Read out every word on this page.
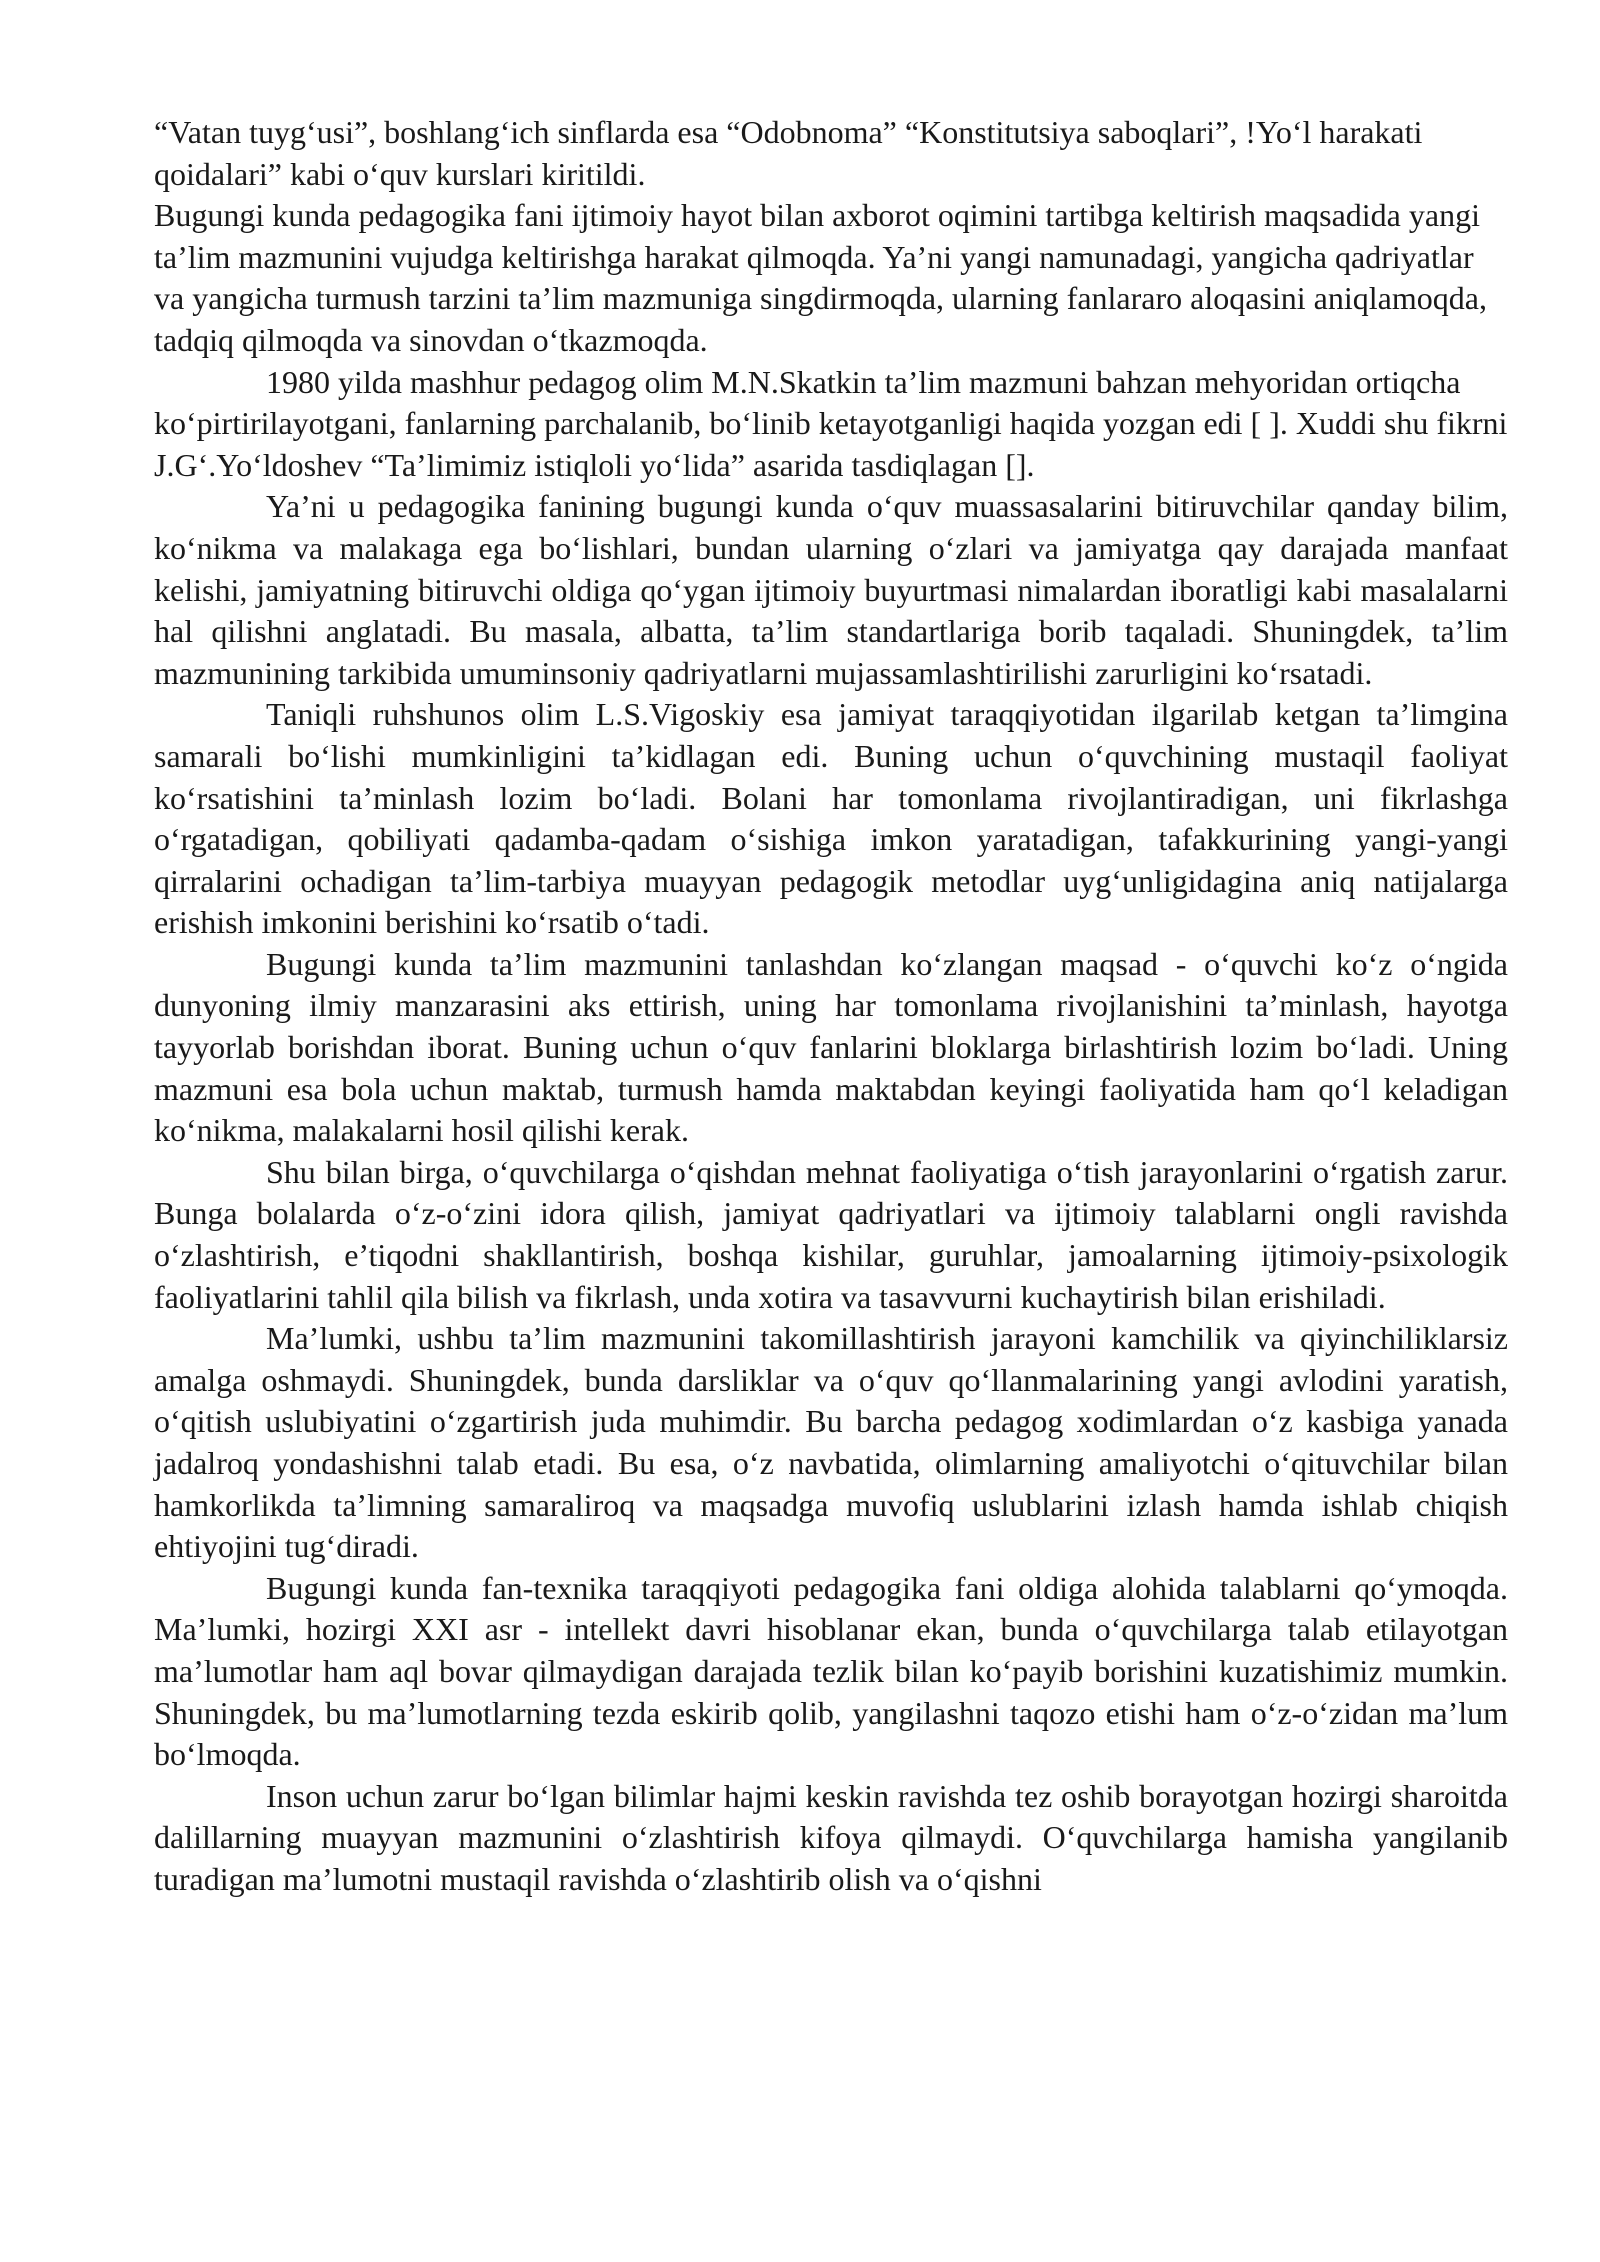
“Vatan tuyg‘usi”, boshlang‘ich sinflarda esa “Odobnoma” “Konstitutsiya saboqlari”, !Yo‘l harakati qoidalari” kabi o‘quv kurslari kiritildi.

Bugungi kunda pedagogika fani ijtimoiy hayot bilan axborot oqimini tartibga keltirish maqsadida yangi ta’lim mazmunini vujudga keltirishga harakat qilmoqda. Ya’ni yangi namunadagi, yangicha qadriyatlar va yangicha turmush tarzini ta’lim mazmuniga singdirmoqda, ularning fanlararo aloqasini aniqlamoqda, tadqiq qilmoqda va sinovdan o‘tkazmoqda.

1980 yilda mashhur pedagog olim M.N.Skatkin ta’lim mazmuni bahzan mehyoridan ortiqcha ko‘pirtirilayotgani, fanlarning parchalanib, bo‘linib ketayotganligi haqida yozgan edi [ ]. Xuddi shu fikrni J.G‘.Yo‘ldoshev “Ta’limimiz istiqloli yo‘lida” asarida tasdiqlagan [].

Ya’ni u pedagogika fanining bugungi kunda o‘quv muassasalarini bitiruvchilar qanday bilim, ko‘nikma va malakaga ega bo‘lishlari, bundan ularning o‘zlari va jamiyatga qay darajada manfaat kelishi, jamiyatning bitiruvchi oldiga qo‘ygan ijtimoiy buyurtmasi nimalardan iboratligi kabi masalalarni hal qilishni anglatadi. Bu masala, albatta, ta’lim standartlariga borib taqaladi. Shuningdek, ta’lim mazmunining tarkibida umuminsoniy qadriyatlarni mujassamlashtirilishi zarurligini ko‘rsatadi.

Taniqli ruhshunos olim L.S.Vigoskiy esa jamiyat taraqqiyotidan ilgarilab ketgan ta’limgina samarali bo‘lishi mumkinligini ta’kidlagan edi. Buning uchun o‘quvchining mustaqil faoliyat ko‘rsatishini ta’minlash lozim bo‘ladi. Bolani har tomonlama rivojlantiradigan, uni fikrlashga o‘rgatadigan, qobiliyati qadamba-qadam o‘sishiga imkon yaratadigan, tafakkurining yangi-yangi qirralarini ochadigan ta’lim-tarbiya muayyan pedagogik metodlar uyg‘unligidagina aniq natijalarga erishish imkonini berishini ko‘rsatib o‘tadi.

Bugungi kunda ta’lim mazmunini tanlashdan ko‘zlangan maqsad - o‘quvchi ko‘z o‘ngida dunyoning ilmiy manzarasini aks ettirish, uning har tomonlama rivojlanishini ta’minlash, hayotga tayyorlab borishdan iborat. Buning uchun o‘quv fanlarini bloklarga birlashtirish lozim bo‘ladi. Uning mazmuni esa bola uchun maktab, turmush hamda maktabdan keyingi faoliyatida ham qo‘l keladigan ko‘nikma, malakalarni hosil qilishi kerak.

Shu bilan birga, o‘quvchilarga o‘qishdan mehnat faoliyatiga o‘tish jarayonlarini o‘rgatish zarur. Bunga bolalarda o‘z-o‘zini idora qilish, jamiyat qadriyatlari va ijtimoiy talablarni ongli ravishda o‘zlashtirish, e’tiqodni shakllantirish, boshqa kishilar, guruhlar, jamoalarning ijtimoiy-psixologik faoliyatlarini tahlil qila bilish va fikrlash, unda xotira va tasavvurni kuchaytirish bilan erishiladi.

Ma’lumki, ushbu ta’lim mazmunini takomillashtirish jarayoni kamchilik va qiyinchiliklarsiz amalga oshmaydi. Shuningdek, bunda darsliklar va o‘quv qo‘llanmalarining yangi avlodini yaratish, o‘qitish uslubiyatini o‘zgartirish juda muhimdir. Bu barcha pedagog xodimlardan o‘z kasbiga yanada jadalroq yondashishni talab etadi. Bu esa, o‘z navbatida, olimlarning amaliyotchi o‘qituvchilar bilan hamkorlikda ta’limning samaraliroq va maqsadga muvofiq uslublarini izlash hamda ishlab chiqish ehtiyojini tug‘diradi.

Bugungi kunda fan-texnika taraqqiyoti pedagogika fani oldiga alohida talablarni qo‘ymoqda. Ma’lumki, hozirgi XXI asr - intellekt davri hisoblanar ekan, bunda o‘quvchilarga talab etilayotgan ma’lumotlar ham aql bovar qilmaydigan darajada tezlik bilan ko‘payib borishini kuzatishimiz mumkin. Shuningdek, bu ma’lumotlarning tezda eskirib qolib, yangilashni taqozo etishi ham o‘z-o‘zidan ma’lum bo‘lmoqda.

Inson uchun zarur bo‘lgan bilimlar hajmi keskin ravishda tez oshib borayotgan hozirgi sharoitda dalillarning muayyan mazmunini o‘zlashtirish kifoya qilmaydi. O‘quvchilarga hamisha yangilanib turadigan ma’lumotni mustaqil ravishda o‘zlashtirib olish va o‘qishni
